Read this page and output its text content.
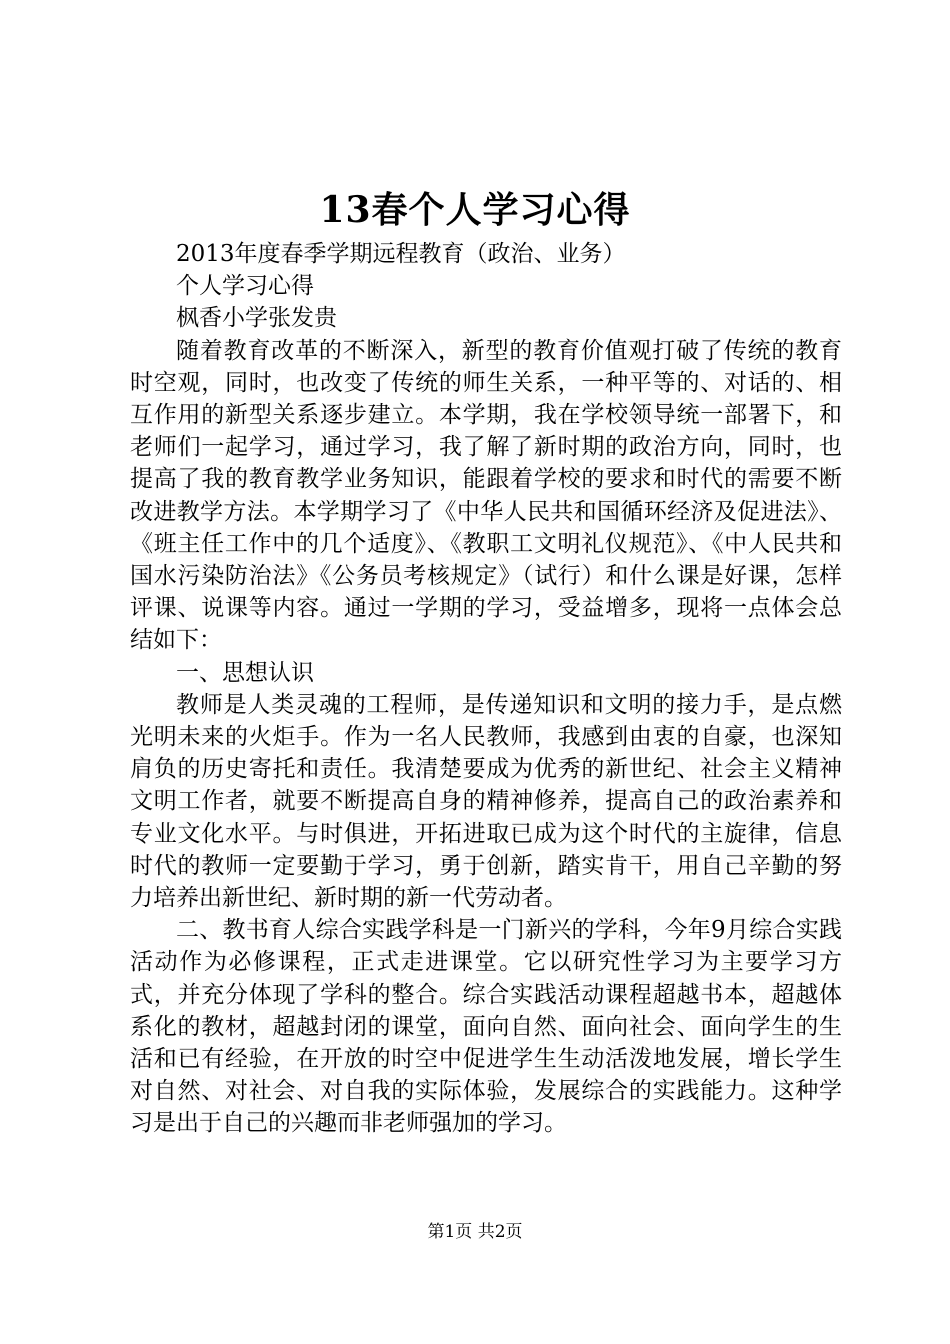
13春个人学习心得

2013年度春季学期远程教育（政治、业务）

个人学习心得

枫香小学张发贵

随着教育改革的不断深入，新型的教育价值观打破了传统的教育时空观，同时，也改变了传统的师生关系，一种平等的、对话的、相互作用的新型关系逐步建立。本学期，我在学校领导统一部署下，和老师们一起学习，通过学习，我了解了新时期的政治方向，同时，也提高了我的教育教学业务知识，能跟着学校的要求和时代的需要不断改进教学方法。本学期学习了《中华人民共和国循环经济及促进法》、《班主任工作中的几个适度》、《教职工文明礼仪规范》、《中人民共和国水污染防治法》《公务员考核规定》（试行）和什么课是好课，怎样评课、说课等内容。通过一学期的学习，受益增多，现将一点体会总结如下：

一、思想认识

教师是人类灵魂的工程师，是传递知识和文明的接力手，是点燃光明未来的火炬手。作为一名人民教师，我感到由衷的自豪，也深知肩负的历史寄托和责任。我清楚要成为优秀的新世纪、社会主义精神文明工作者，就要不断提高自身的精神修养，提高自己的政治素养和专业文化水平。与时俱进，开拓进取已成为这个时代的主旋律，信息时代的教师一定要勤于学习，勇于创新，踏实肯干，用自己辛勤的努力培养出新世纪、新时期的新一代劳动者。

二、教书育人综合实践学科是一门新兴的学科，今年9月综合实践活动作为必修课程，正式走进课堂。它以研究性学习为主要学习方式，并充分体现了学科的整合。综合实践活动课程超越书本，超越体系化的教材，超越封闭的课堂，面向自然、面向社会、面向学生的生活和已有经验，在开放的时空中促进学生生动活泼地发展，增长学生对自然、对社会、对自我的实际体验，发展综合的实践能力。这种学习是出于自己的兴趣而非老师强加的学习。

第1页 共2页
